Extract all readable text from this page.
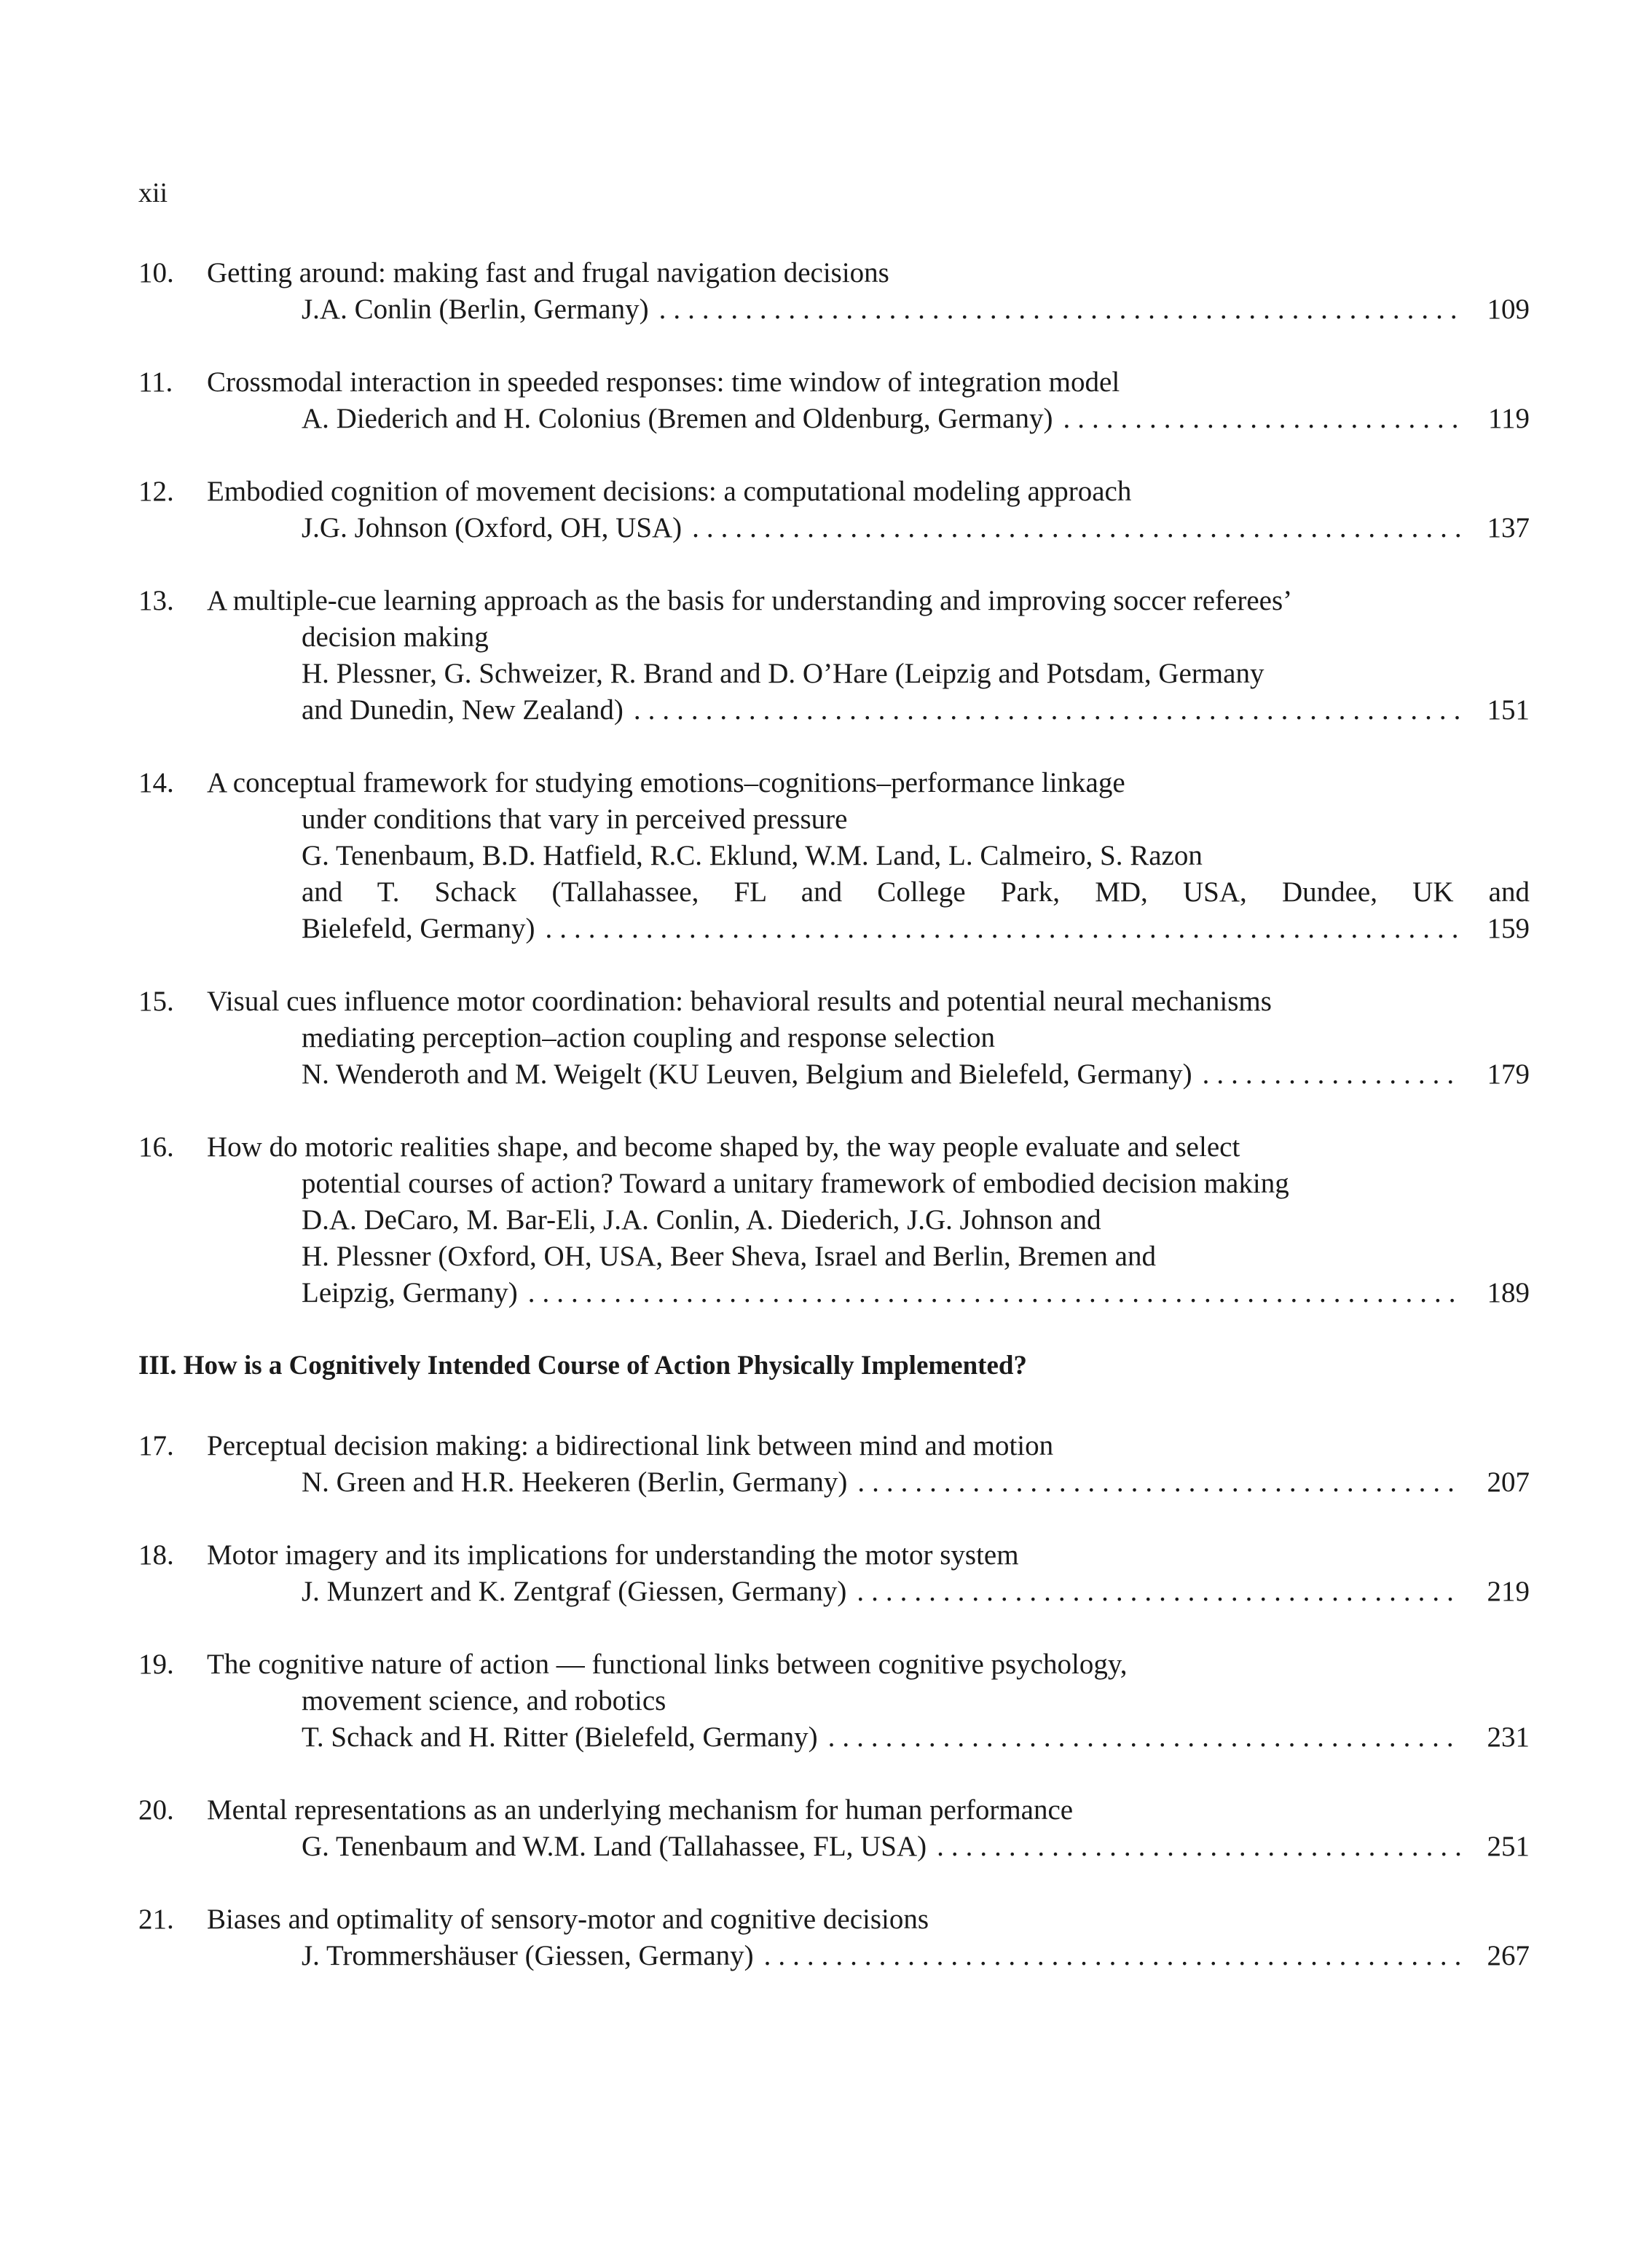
xii
10.	Getting around: making fast and frugal navigation decisions
J.A. Conlin (Berlin, Germany) .....	109
11.	Crossmodal interaction in speeded responses: time window of integration model
A. Diederich and H. Colonius (Bremen and Oldenburg, Germany) .....	119
12.	Embodied cognition of movement decisions: a computational modeling approach
J.G. Johnson (Oxford, OH, USA) .....	137
13.	A multiple-cue learning approach as the basis for understanding and improving soccer referees’
decision making
H. Plessner, G. Schweizer, R. Brand and D. O’Hare (Leipzig and Potsdam, Germany
and Dunedin, New Zealand) .....	151
14.	A conceptual framework for studying emotions–cognitions–performance linkage
under conditions that vary in perceived pressure
G. Tenenbaum, B.D. Hatfield, R.C. Eklund, W.M. Land, L. Calmeiro, S. Razon
and T. Schack (Tallahassee, FL and College Park, MD, USA, Dundee, UK and
Bielefeld, Germany) .....	159
15.	Visual cues influence motor coordination: behavioral results and potential neural mechanisms
mediating perception–action coupling and response selection
N. Wenderoth and M. Weigelt (KU Leuven, Belgium and Bielefeld, Germany) .....	179
16.	How do motoric realities shape, and become shaped by, the way people evaluate and select
potential courses of action? Toward a unitary framework of embodied decision making
D.A. DeCaro, M. Bar-Eli, J.A. Conlin, A. Diederich, J.G. Johnson and
H. Plessner (Oxford, OH, USA, Beer Sheva, Israel and Berlin, Bremen and
Leipzig, Germany) .....	189
III. How is a Cognitively Intended Course of Action Physically Implemented?
17.	Perceptual decision making: a bidirectional link between mind and motion
N. Green and H.R. Heekeren (Berlin, Germany) .....	207
18.	Motor imagery and its implications for understanding the motor system
J. Munzert and K. Zentgraf (Giessen, Germany) .....	219
19.	The cognitive nature of action — functional links between cognitive psychology,
movement science, and robotics
T. Schack and H. Ritter (Bielefeld, Germany) .....	231
20.	Mental representations as an underlying mechanism for human performance
G. Tenenbaum and W.M. Land (Tallahassee, FL, USA) .....	251
21.	Biases and optimality of sensory-motor and cognitive decisions
J. Trommershäuser (Giessen, Germany) .....	267
